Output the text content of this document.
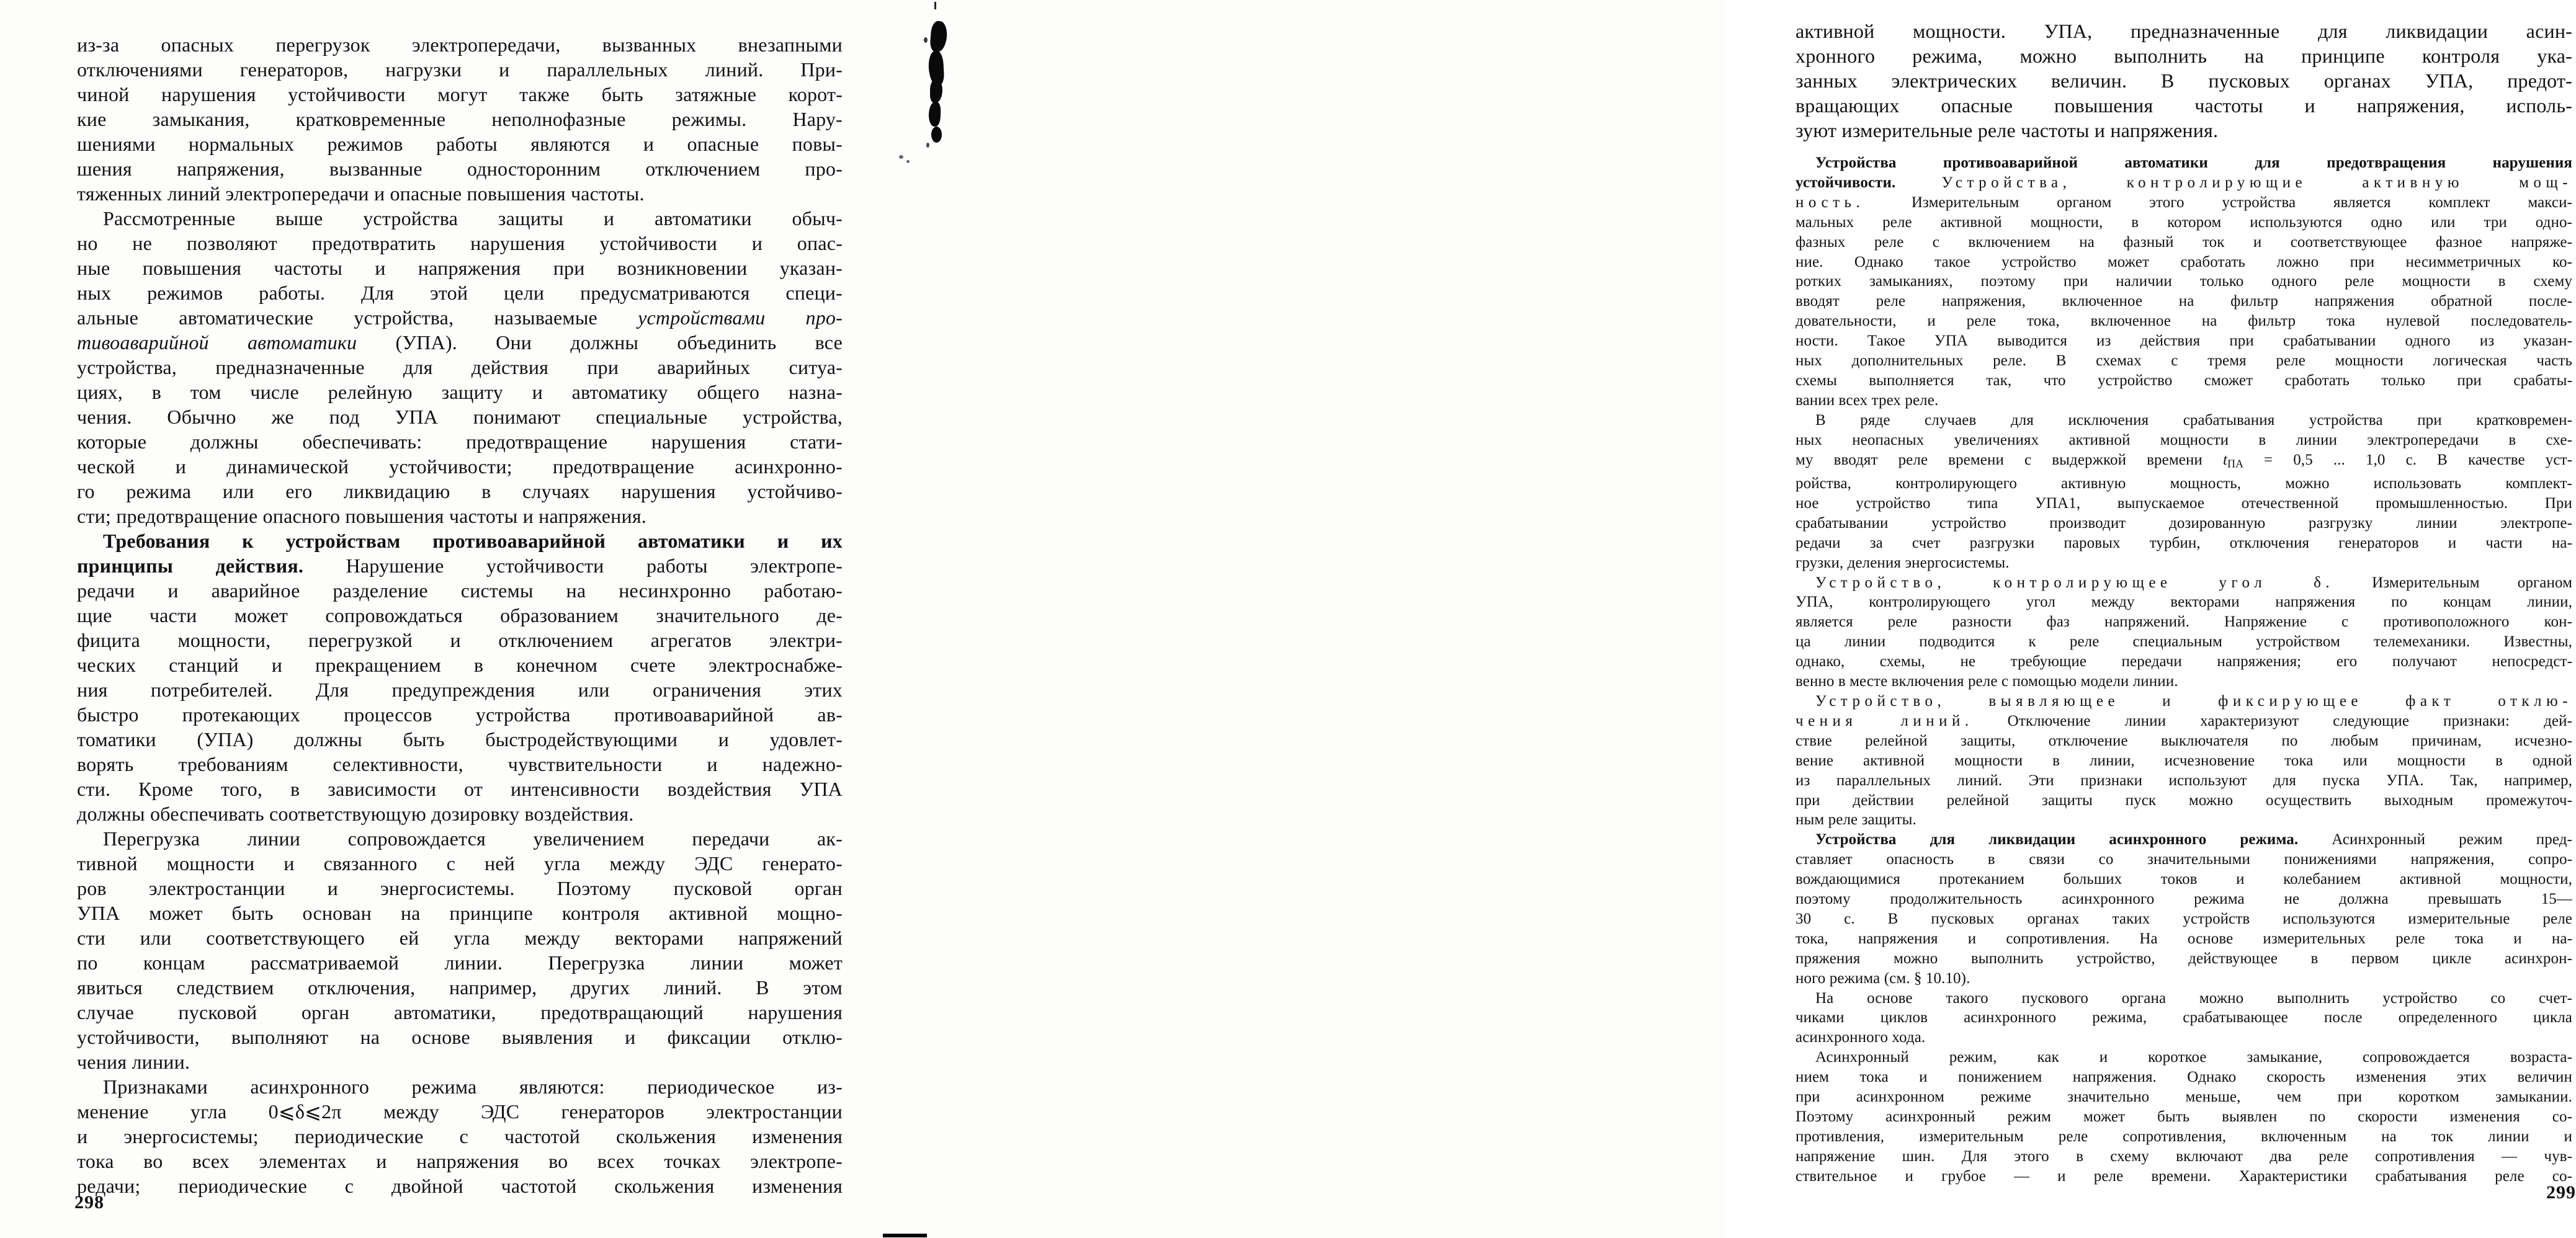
из-за опасных перегрузок электропередачи, вызванных внезапными
отключениями генераторов, нагрузки и параллельных линий. При-
чиной нарушения устойчивости могут также быть затяжные корот-
кие замыкания, кратковременные неполнофазные режимы. Нару-
шениями нормальных режимов работы являются и опасные повы-
шения напряжения, вызванные односторонним отключением про-
тяженных линий электропередачи и опасные повышения частоты.
Рассмотренные выше устройства защиты и автоматики обыч-
но не позволяют предотвратить нарушения устойчивости и опас-
ные повышения частоты и напряжения при возникновении указан-
ных режимов работы. Для этой цели предусматриваются специ-
альные автоматические устройства, называемые устройствами про-
тивоаварийной автоматики (УПА). Они должны объединить все
устройства, предназначенные для действия при аварийных ситуа-
циях, в том числе релейную защиту и автоматику общего назна-
чения. Обычно же под УПА понимают специальные устройства,
которые должны обеспечивать: предотвращение нарушения стати-
ческой и динамической устойчивости; предотвращение асинхронно-
го режима или его ликвидацию в случаях нарушения устойчиво-
сти; предотвращение опасного повышения частоты и напряжения.
Требования к устройствам противоаварийной автоматики и их
принципы действия. Нарушение устойчивости работы электропе-
редачи и аварийное разделение системы на несинхронно работаю-
щие части может сопровождаться образованием значительного де-
фицита мощности, перегрузкой и отключением агрегатов электри-
ческих станций и прекращением в конечном счете электроснабже-
ния потребителей. Для предупреждения или ограничения этих
быстро протекающих процессов устройства противоаварийной ав-
томатики (УПА) должны быть быстродействующими и удовлет-
ворять требованиям селективности, чувствительности и надежно-
сти. Кроме того, в зависимости от интенсивности воздействия УПА
должны обеспечивать соответствующую дозировку воздействия.
Перегрузка линии сопровождается увеличением передачи ак-
тивной мощности и связанного с ней угла между ЭДС генерато-
ров электростанции и энергосистемы. Поэтому пусковой орган
УПА может быть основан на принципе контроля активной мощно-
сти или соответствующего ей угла между векторами напряжений
по концам рассматриваемой линии. Перегрузка линии может
явиться следствием отключения, например, других линий. В этом
случае пусковой орган автоматики, предотвращающий нарушения
устойчивости, выполняют на основе выявления и фиксации отклю-
чения линии.
Признаками асинхронного режима являются: периодическое из-
менение угла 0⩽δ⩽2π между ЭДС генераторов электростанции
и энергосистемы; периодические с частотой скольжения изменения
тока во всех элементах и напряжения во всех точках электропе-
редачи; периодические с двойной частотой скольжения изменения
298
активной мощности. УПА, предназначенные для ликвидации асин-
хронного режима, можно выполнить на принципе контроля ука-
занных электрических величин. В пусковых органах УПА, предот-
вращающих опасные повышения частоты и напряжения, исполь-
зуют измерительные реле частоты и напряжения.
Устройства противоаварийной автоматики для предотвращения нарушения
устойчивости. Устройства, контролирующие активную мощ-
ность. Измерительным органом этого устройства является комплект макси-
мальных реле активной мощности, в котором используются одно или три одно-
фазных реле с включением на фазный ток и соответствующее фазное напряже-
ние. Однако такое устройство может сработать ложно при несимметричных ко-
ротких замыканиях, поэтому при наличии только одного реле мощности в схему
вводят реле напряжения, включенное на фильтр напряжения обратной после-
довательности, и реле тока, включенное на фильтр тока нулевой последователь-
ности. Такое УПА выводится из действия при срабатывании одного из указан-
ных дополнительных реле. В схемах с тремя реле мощности логическая часть
схемы выполняется так, что устройство сможет сработать только при срабаты-
вании всех трех реле.
В ряде случаев для исключения срабатывания устройства при кратковремен-
ных неопасных увеличениях активной мощности в линии электропередачи в схе-
му вводят реле времени с выдержкой времени tПА = 0,5 ... 1,0 с. В качестве уст-
ройства, контролирующего активную мощность, можно использовать комплект-
ное устройство типа УПА1, выпускаемое отечественной промышленностью. При
срабатывании устройство производит дозированную разгрузку линии электропе-
редачи за счет разгрузки паровых турбин, отключения генераторов и части на-
грузки, деления энергосистемы.
Устройство, контролирующее угол δ. Измерительным органом
УПА, контролирующего угол между векторами напряжения по концам линии,
является реле разности фаз напряжений. Напряжение с противоположного кон-
ца линии подводится к реле специальным устройством телемеханики. Известны,
однако, схемы, не требующие передачи напряжения; его получают непосредст-
венно в месте включения реле с помощью модели линии.
Устройство, выявляющее и фиксирующее факт отклю-
чения линий. Отключение линии характеризуют следующие признаки: дей-
ствие релейной защиты, отключение выключателя по любым причинам, исчезно-
вение активной мощности в линии, исчезновение тока или мощности в одной
из параллельных линий. Эти признаки используют для пуска УПА. Так, например,
при действии релейной защиты пуск можно осуществить выходным промежуточ-
ным реле защиты.
Устройства для ликвидации асинхронного режима. Асинхронный режим пред-
ставляет опасность в связи со значительными понижениями напряжения, сопро-
вождающимися протеканием больших токов и колебанием активной мощности,
поэтому продолжительность асинхронного режима не должна превышать 15—
30 с. В пусковых органах таких устройств используются измерительные реле
тока, напряжения и сопротивления. На основе измерительных реле тока и на-
пряжения можно выполнить устройство, действующее в первом цикле асинхрон-
ного режима (см. § 10.10).
На основе такого пускового органа можно выполнить устройство со счет-
чиками циклов асинхронного режима, срабатывающее после определенного цикла
асинхронного хода.
Асинхронный режим, как и короткое замыкание, сопровождается возраста-
нием тока и понижением напряжения. Однако скорость изменения этих величин
при асинхронном режиме значительно меньше, чем при коротком замыкании.
Поэтому асинхронный режим может быть выявлен по скорости изменения со-
противления, измерительным реле сопротивления, включенным на ток линии и
напряжение шин. Для этого в схему включают два реле сопротивления — чув-
ствительное и грубое — и реле времени. Характеристики срабатывания реле со-
299
